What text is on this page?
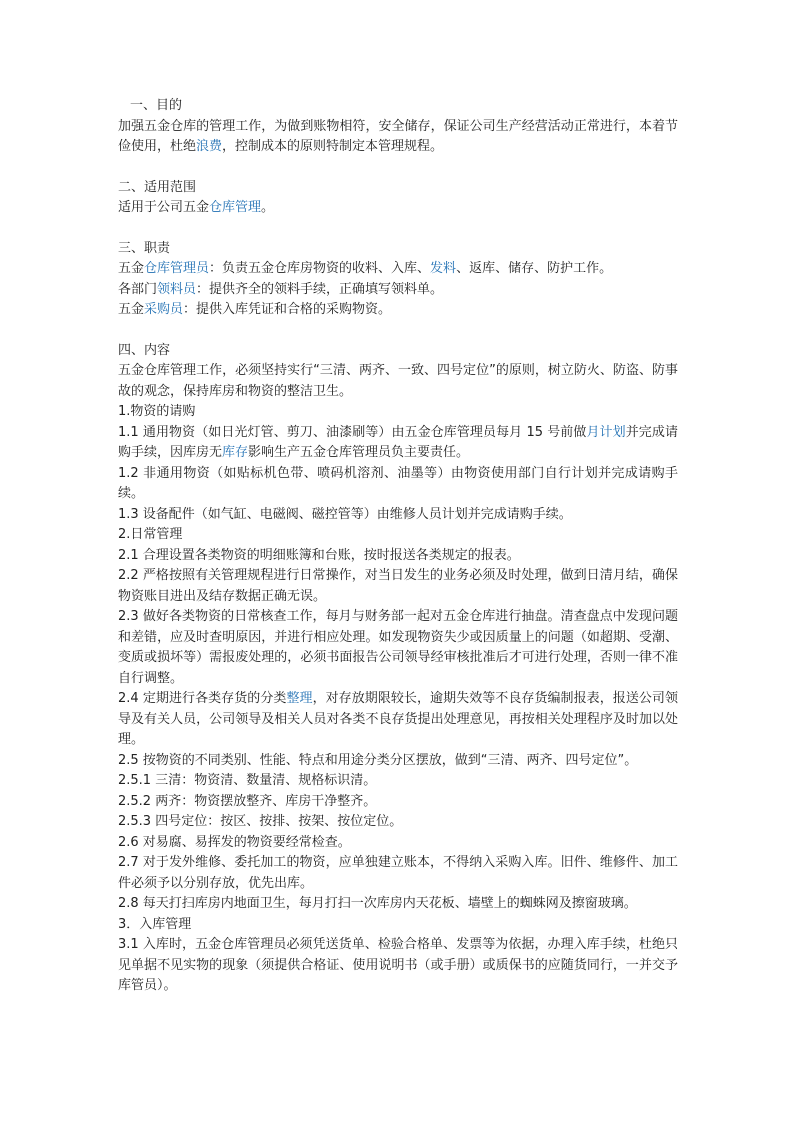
一、目的
加强五金仓库的管理工作，为做到账物相符，安全储存，保证公司生产经营活动正常进行，本着节俭使用，杜绝浪费，控制成本的原则特制定本管理规程。
二、适用范围
适用于公司五金仓库管理。
三、职责
五金仓库管理员：负责五金仓库房物资的收料、入库、发料、返库、储存、防护工作。
各部门领料员：提供齐全的领料手续，正确填写领料单。
五金采购员：提供入库凭证和合格的采购物资。
四、内容
五金仓库管理工作，必须坚持实行“三清、两齐、一致、四号定位”的原则，树立防火、防盗、防事故的观念，保持库房和物资的整洁卫生。
1.物资的请购
1.1 通用物资（如日光灯管、剪刀、油漆刷等）由五金仓库管理员每月 15 号前做月计划并完成请购手续，因库房无库存影响生产五金仓库管理员负主要责任。
1.2 非通用物资（如贴标机色带、喷码机溶剂、油墨等）由物资使用部门自行计划并完成请购手续。
1.3 设备配件（如气缸、电磁阀、磁控管等）由维修人员计划并完成请购手续。
2.日常管理
2.1 合理设置各类物资的明细账簿和台账，按时报送各类规定的报表。
2.2 严格按照有关管理规程进行日常操作，对当日发生的业务必须及时处理，做到日清月结，确保物资账目进出及结存数据正确无误。
2.3 做好各类物资的日常核查工作，每月与财务部一起对五金仓库进行抽盘。清查盘点中发现问题和差错，应及时查明原因，并进行相应处理。如发现物资失少或因质量上的问题（如超期、受潮、变质或损坏等）需报废处理的，必须书面报告公司领导经审核批准后才可进行处理，否则一律不准自行调整。
2.4 定期进行各类存货的分类整理，对存放期限较长，逾期失效等不良存货编制报表，报送公司领导及有关人员，公司领导及相关人员对各类不良存货提出处理意见，再按相关处理程序及时加以处理。
2.5 按物资的不同类别、性能、特点和用途分类分区摆放，做到“三清、两齐、四号定位”。
2.5.1 三清：物资清、数量清、规格标识清。
2.5.2 两齐：物资摆放整齐、库房干净整齐。
2.5.3 四号定位：按区、按排、按架、按位定位。
2.6 对易腐、易挥发的物资要经常检查。
2.7 对于发外维修、委托加工的物资，应单独建立账本，不得纳入采购入库。旧件、维修件、加工件必须予以分别存放，优先出库。
2.8 每天打扫库房内地面卫生，每月打扫一次库房内天花板、墙壁上的蜘蛛网及擦窗玻璃。
3．入库管理
3.1 入库时，五金仓库管理员必须凭送货单、检验合格单、发票等为依据，办理入库手续，杜绝只见单据不见实物的现象（须提供合格证、使用说明书（或手册）或质保书的应随货同行，一并交予库管员）。
